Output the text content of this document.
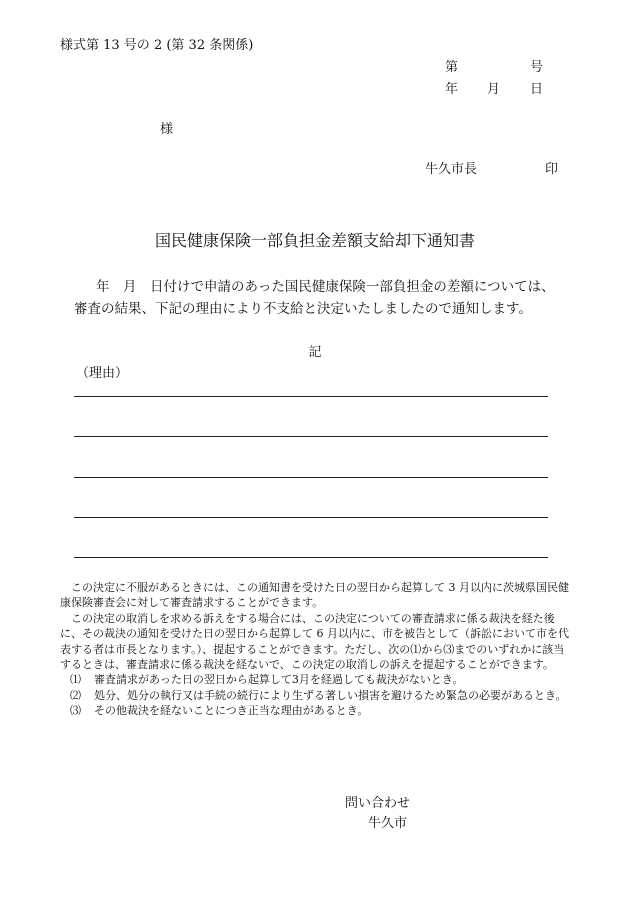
様式第 13 号の 2 (第 32 条関係)
第	号
年 月 日
様
牛久市長	印
国民健康保険一部負担金差額支給却下通知書
年　月　日付けで申請のあった国民健康保険一部負担金の差額については、
審査の結果、下記の理由により不支給と決定いたしましたので通知します。
記
（理由）

この決定に不服があるときには、この通知書を受けた日の翌日から起算して 3 月以内に茨城県国民健康保険審査会に対して審査請求することができます。

この決定の取消しを求める訴えをする場合には、この決定についての審査請求に係る裁決を経た後に、その裁決の通知を受けた日の翌日から起算して 6 月以内に、市を被告として（訴訟において市を代表する者は市長となります。）、提起することができます。ただし、次の⑴から⑶までのいずれかに該当するときは、審査請求に係る裁決を経ないで、この決定の取消しの訴えを提起することができます。

⑴	審査請求があった日の翌日から起算して3月を経過しても裁決がないとき。
⑵	処分、処分の執行又は手続の続行により生ずる著しい損害を避けるため緊急の必要があるとき。
⑶	その他裁決を経ないことにつき正当な理由があるとき。
問い合わせ
牛久市
